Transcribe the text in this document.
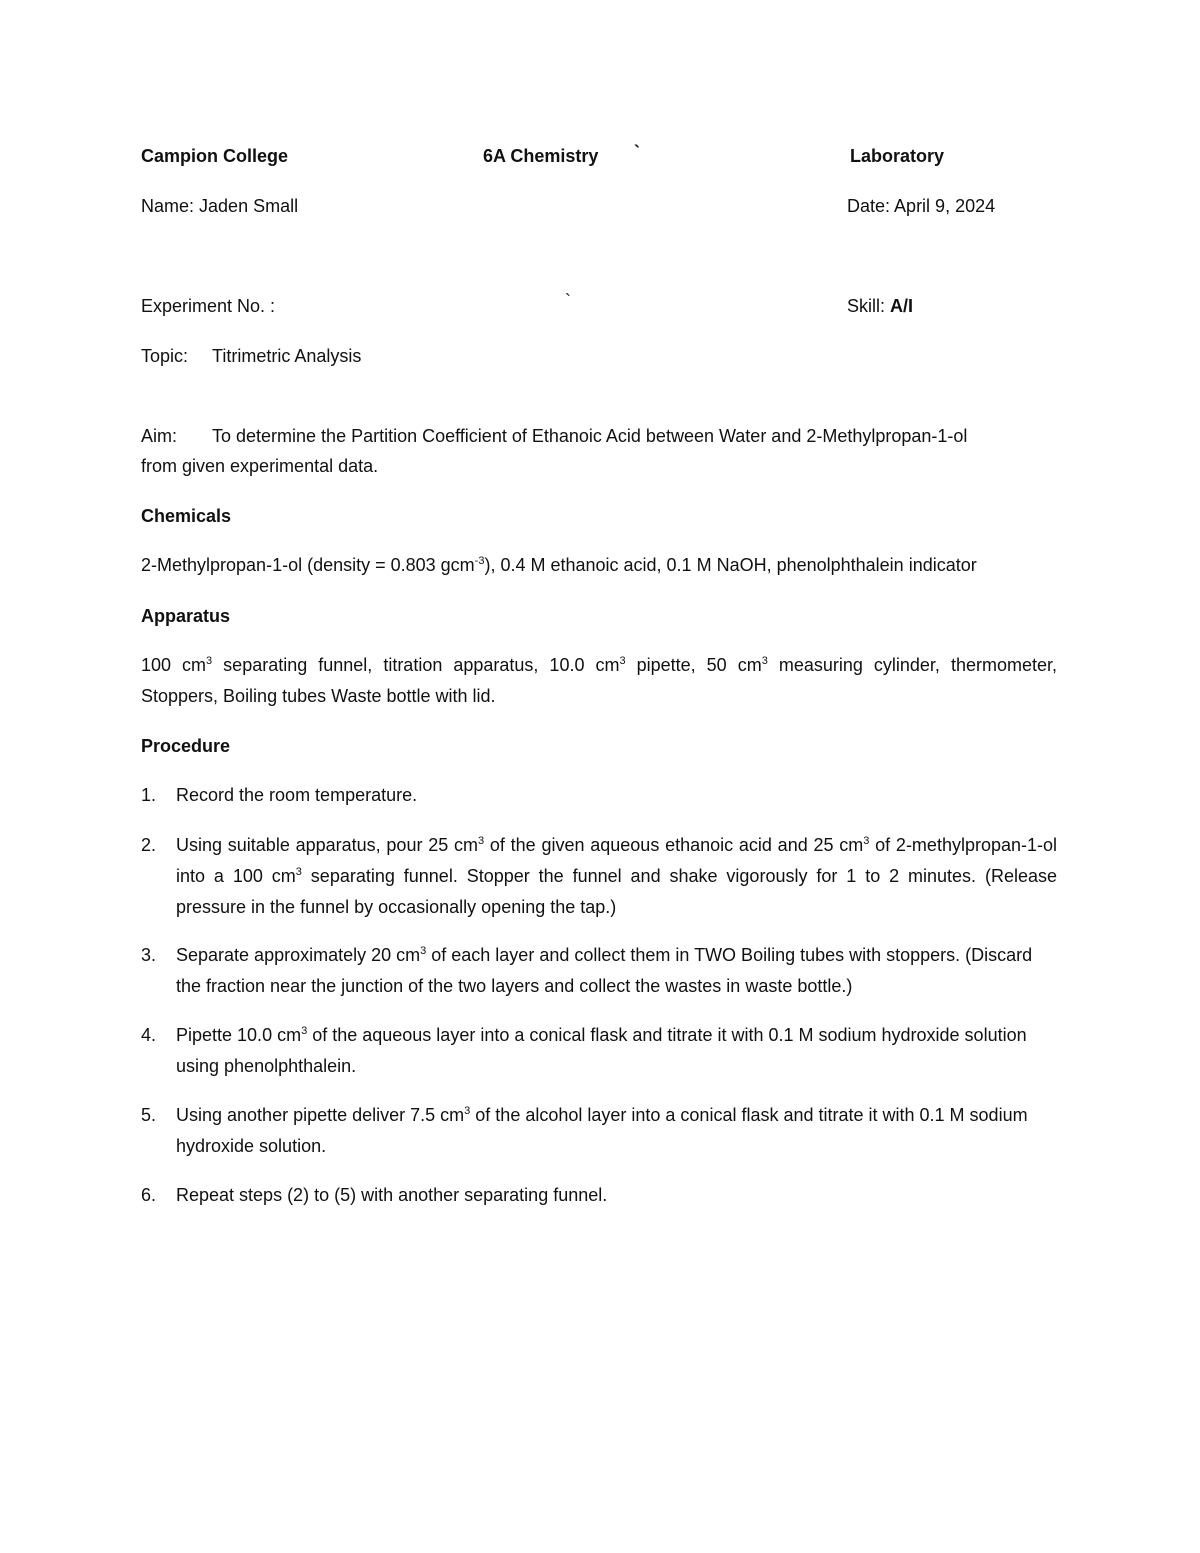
Campion College	6A Chemistry `	Laboratory
Name: Jaden Small	Date: April 9, 2024
Experiment No. :	`	Skill: A/I
Topic: Titrimetric Analysis
Aim: To determine the Partition Coefficient of Ethanoic Acid between Water and 2-Methylpropan-1-ol
from given experimental data.
Chemicals
2-Methylpropan-1-ol (density = 0.803 gcm$^{-3}$), 0.4 M ethanoic acid, 0.1 M NaOH, phenolphthalein indicator
Apparatus
100 $cm^3$ separating funnel, titration apparatus, 10.0 $cm^3$ pipette, 50 $cm^3$ measuring cylinder, thermometer, Stoppers, Boiling tubes Waste bottle with lid.
Procedure
1.	Record the room temperature.
2.	Using suitable apparatus, pour 25 $cm^3$ of the given aqueous ethanoic acid and 25 $cm^3$ of 2-methylpropan-1-ol into a 100 $cm^3$ separating funnel. Stopper the funnel and shake vigorously for 1 to 2 minutes. (Release pressure in the funnel by occasionally opening the tap.)
3.	Separate approximately 20 $cm^3$ of each layer and collect them in TWO Boiling tubes with stoppers. (Discard the fraction near the junction of the two layers and collect the wastes in waste bottle.)
4.	Pipette 10.0 $cm^3$ of the aqueous layer into a conical flask and titrate it with 0.1 M sodium hydroxide solution using phenolphthalein.
5.	Using another pipette deliver 7.5 $cm^3$ of the alcohol layer into a conical flask and titrate it with 0.1 M sodium hydroxide solution.
6.	Repeat steps (2) to (5) with another separating funnel.
